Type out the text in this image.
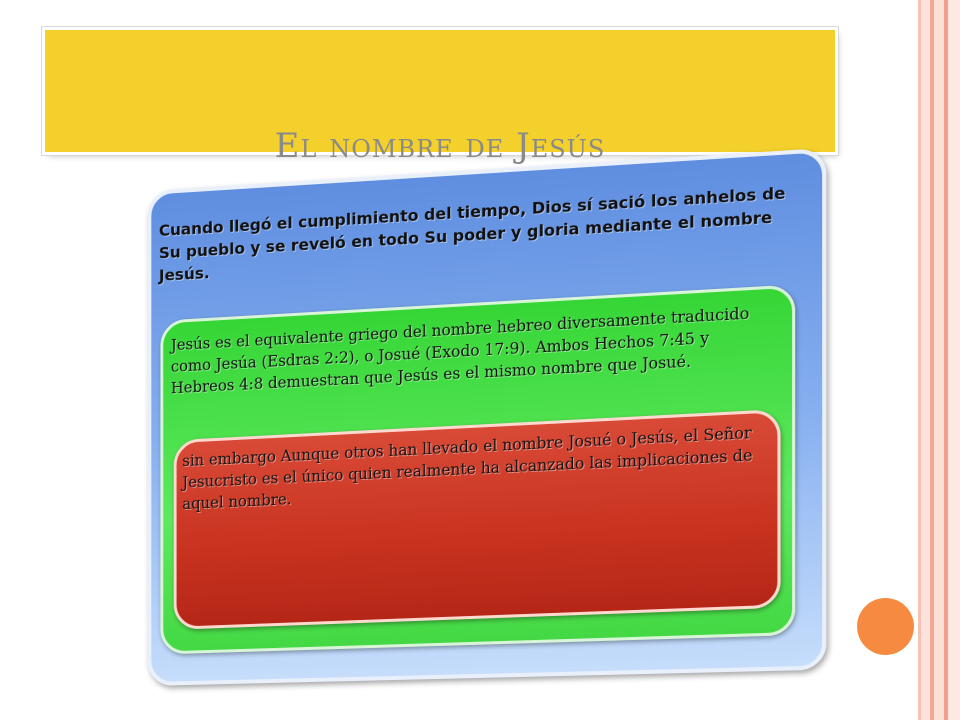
El nombre de Jesús
Cuando llegó el cumplimiento del tiempo, Dios sí sació los anhelos de Su pueblo y se reveló en todo Su poder y gloria mediante el nombre Jesús.
Jesús es el equivalente griego del nombre hebreo diversamente traducido como Jesúa (Esdras 2:2), o Josué (Exodo 17:9). Ambos Hechos 7:45 y Hebreos 4:8 demuestran que Jesús es el mismo nombre que Josué.
sin embargo Aunque otros han llevado el nombre Josué o Jesús, el Señor Jesucristo es el único quien realmente ha alcanzado las implicaciones de aquel nombre.
